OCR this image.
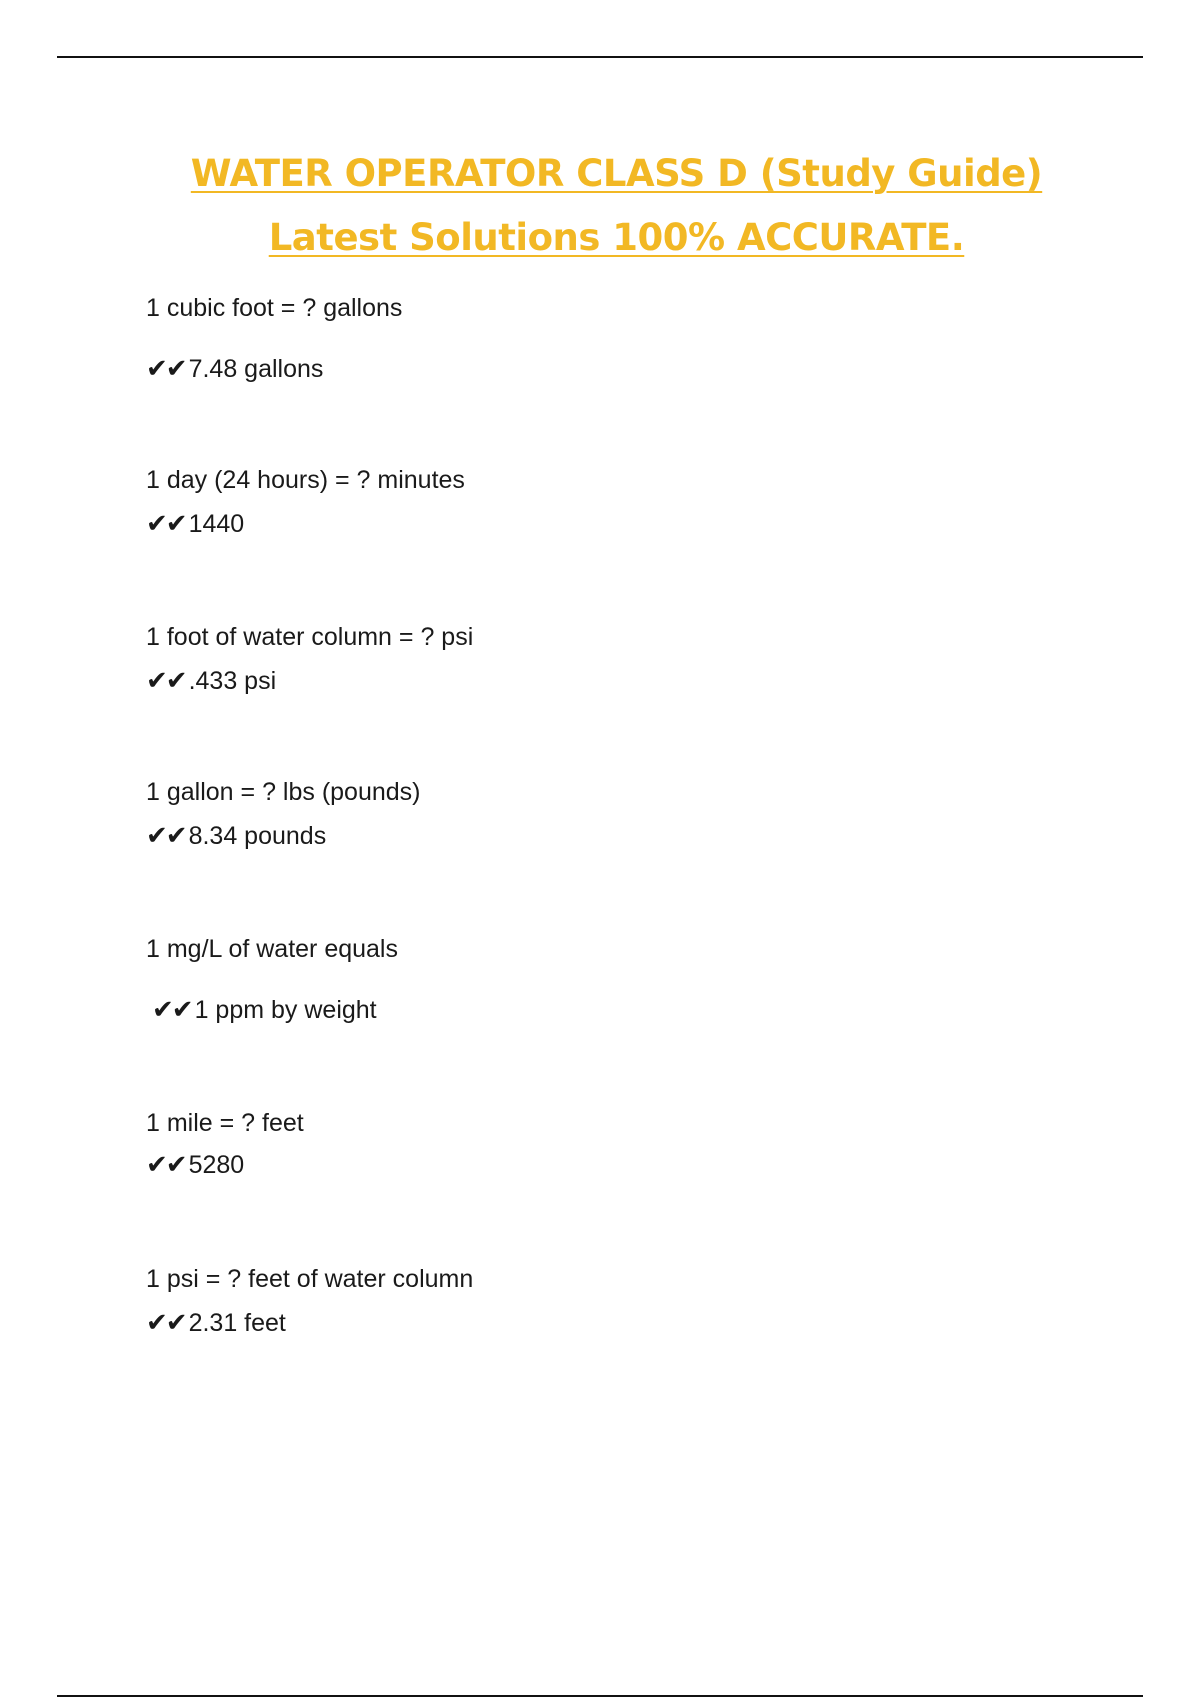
WATER OPERATOR CLASS D (Study Guide)
Latest Solutions 100% ACCURATE.
1 cubic foot = ? gallons
✔✔ 7.48 gallons
1 day (24 hours) = ? minutes
✔✔ 1440
1 foot of water column = ? psi
✔✔ .433 psi
1 gallon = ? lbs (pounds)
✔✔ 8.34 pounds
1 mg/L of water equals
✔✔ 1 ppm by weight
1 mile = ? feet
✔✔ 5280
1 psi = ? feet of water column
✔✔ 2.31 feet
